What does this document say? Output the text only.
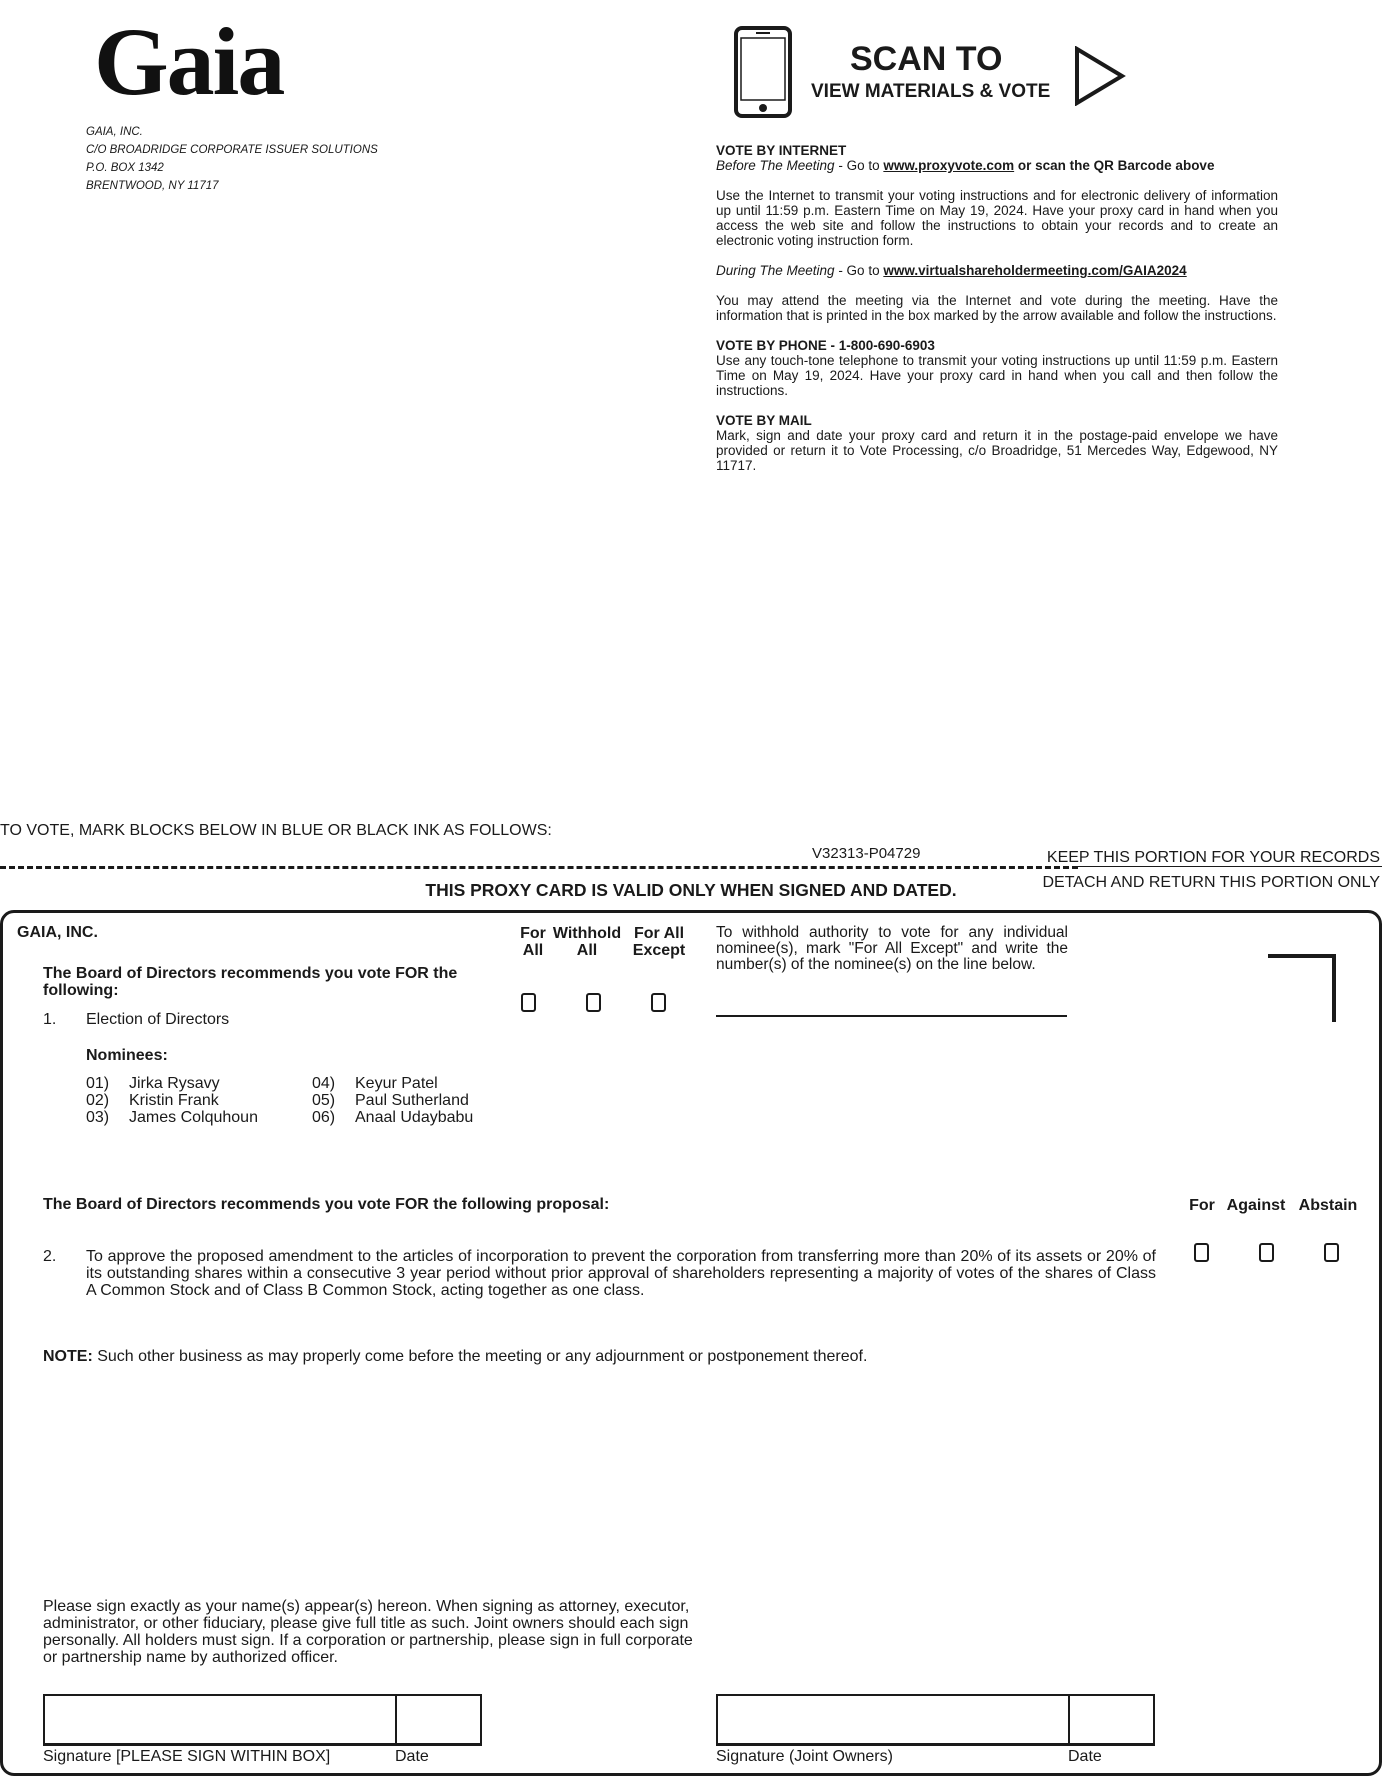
Gaia
GAIA, INC.
C/O BROADRIDGE CORPORATE ISSUER SOLUTIONS
P.O. BOX 1342
BRENTWOOD, NY 11717
SCAN TO
VIEW MATERIALS & VOTE
VOTE BY INTERNET
Before The Meeting - Go to www.proxyvote.com or scan the QR Barcode above

Use the Internet to transmit your voting instructions and for electronic delivery of information up until 11:59 p.m. Eastern Time on May 19, 2024. Have your proxy card in hand when you access the web site and follow the instructions to obtain your records and to create an electronic voting instruction form.

During The Meeting - Go to www.virtualshareholdermeeting.com/GAIA2024

You may attend the meeting via the Internet and vote during the meeting. Have the information that is printed in the box marked by the arrow available and follow the instructions.

VOTE BY PHONE - 1-800-690-6903

Use any touch-tone telephone to transmit your voting instructions up until 11:59 p.m. Eastern Time on May 19, 2024. Have your proxy card in hand when you call and then follow the instructions.

VOTE BY MAIL

Mark, sign and date your proxy card and return it in the postage-paid envelope we have provided or return it to Vote Processing, c/o Broadridge, 51 Mercedes Way, Edgewood, NY 11717.

TO VOTE, MARK BLOCKS BELOW IN BLUE OR BLACK INK AS FOLLOWS:
V32313-P04729	KEEP THIS PORTION FOR YOUR RECORDS
DETACH AND RETURN THIS PORTION ONLY
THIS PROXY CARD IS VALID ONLY WHEN SIGNED AND DATED.
GAIA, INC.
The Board of Directors recommends you vote FOR the following:
1. Election of Directors
For
All
Withhold
All
For All
Except
To withhold authority to vote for any individual nominee(s), mark "For All Except" and write the number(s) of the nominee(s) on the line below.
Nominees:
01) Jirka Rysavy
02) Kristin Frank
03) James Colquhoun
04) Keyur Patel
05) Paul Sutherland
06) Anaal Udaybabu
The Board of Directors recommends you vote FOR the following proposal:	For Against Abstain
2. To approve the proposed amendment to the articles of incorporation to prevent the corporation from transferring more than 20% of its assets or 20% of its outstanding shares within a consecutive 3 year period without prior approval of shareholders representing a majority of votes of the shares of Class A Common Stock and of Class B Common Stock, acting together as one class.
NOTE: Such other business as may properly come before the meeting or any adjournment or postponement thereof.
Please sign exactly as your name(s) appear(s) hereon. When signing as attorney, executor, administrator, or other fiduciary, please give full title as such. Joint owners should each sign personally. All holders must sign. If a corporation or partnership, please sign in full corporate or partnership name by authorized officer.
Signature [PLEASE SIGN WITHIN BOX]	Date	Signature (Joint Owners)	Date
